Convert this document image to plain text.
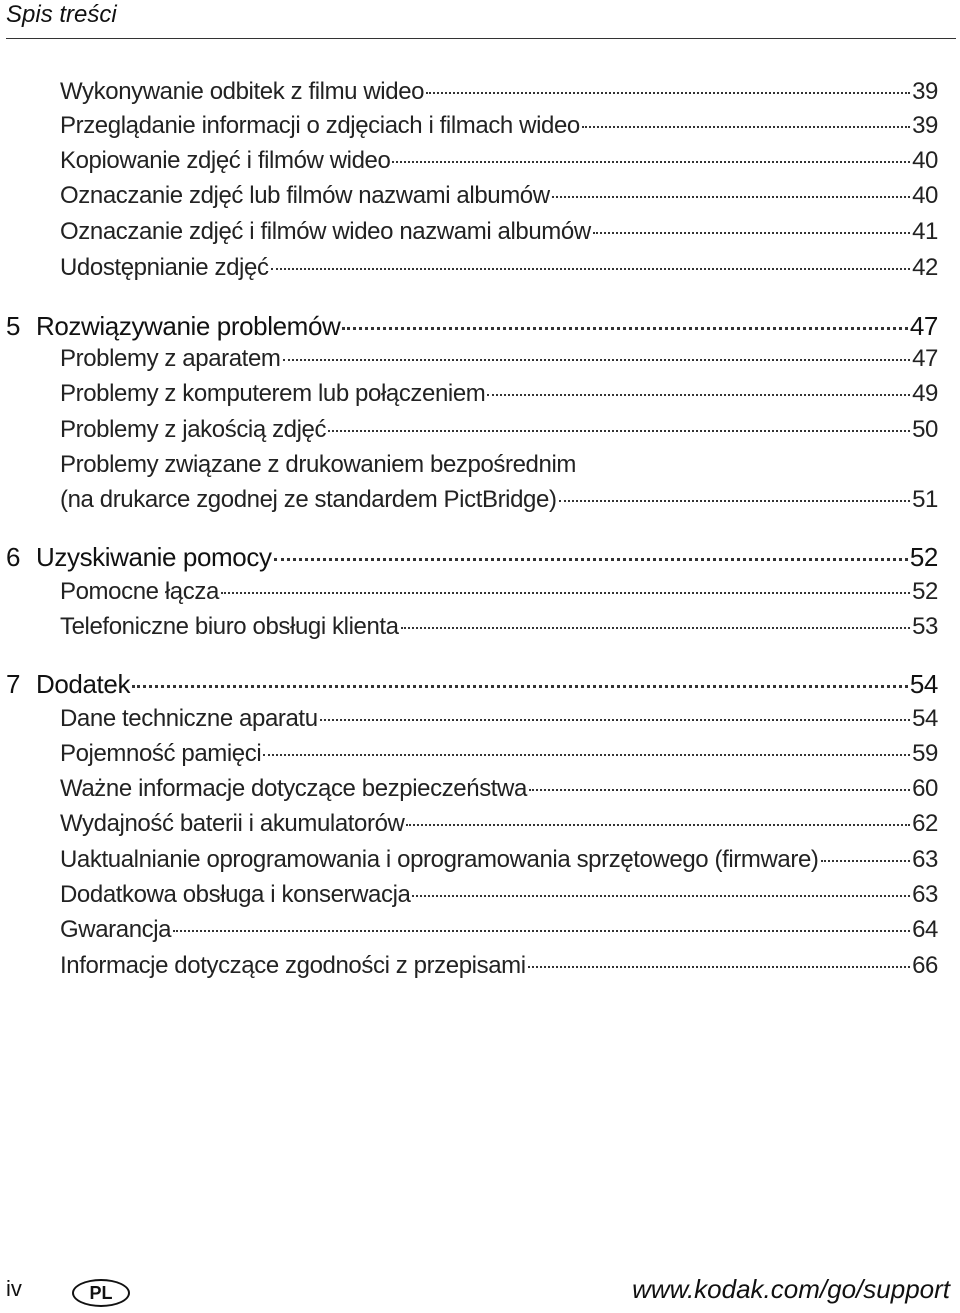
Spis treści
Wykonywanie odbitek z filmu wideo	39
Przeglądanie informacji o zdjęciach i filmach wideo	39
Kopiowanie zdjęć i filmów wideo	40
Oznaczanie zdjęć lub filmów nazwami albumów	40
Oznaczanie zdjęć i filmów wideo nazwami albumów	41
Udostępnianie zdjęć	42
5 Rozwiązywanie problemów	47
Problemy z aparatem	47
Problemy z komputerem lub połączeniem	49
Problemy z jakością zdjęć	50
Problemy związane z drukowaniem bezpośrednim
(na drukarce zgodnej ze standardem PictBridge)	51
6 Uzyskiwanie pomocy	52
Pomocne łącza	52
Telefoniczne biuro obsługi klienta	53
7 Dodatek	54
Dane techniczne aparatu	54
Pojemność pamięci	59
Ważne informacje dotyczące bezpieczeństwa	60
Wydajność baterii i akumulatorów	62
Uaktualnianie oprogramowania i oprogramowania sprzętowego (firmware)	63
Dodatkowa obsługa i konserwacja	63
Gwarancja	64
Informacje dotyczące zgodności z przepisami	66
iv	PL	www.kodak.com/go/support
